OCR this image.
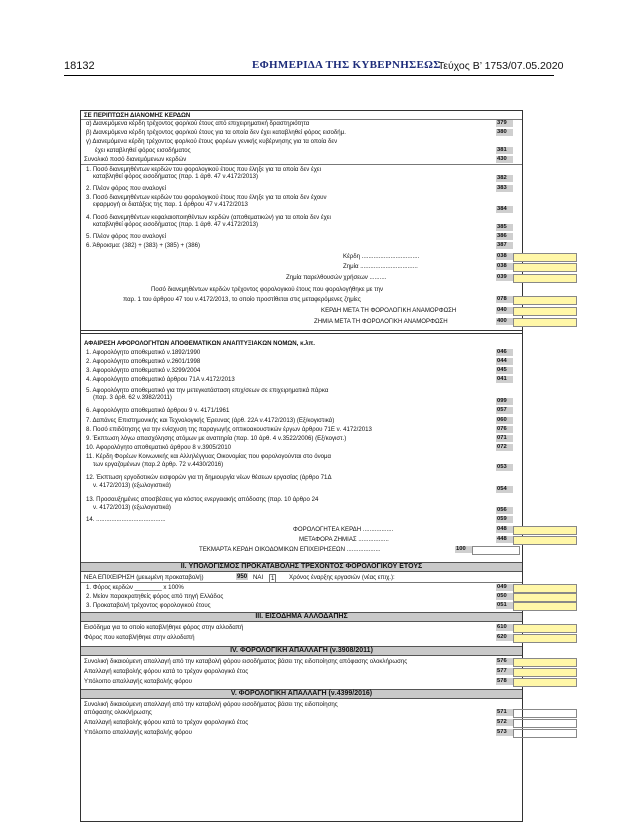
18132	ΕΦΗΜΕΡΙΔΑ ΤΗΣ ΚΥΒΕΡΝΗΣΕΩΣ
Τεύχος B’ 1753/07.05.2020
ΣΕ ΠΕΡΙΠΤΩΣΗ ΔΙΑΝΟΜΗΣ ΚΕΡΔΩΝ
α) Διανεμόμενα κέρδη τρέχοντος φορ/κού έτους από επιχειρηματική δραστηριότητα	379
β) Διανεμόμενα κέρδη τρέχοντος φορ/κού έτους για τα οποία δεν έχει καταβληθεί φόρος εισοδήμ.	380
γ) Διανεμόμενα κέρδη τρέχοντος φορ/κού έτους φορέων γενικής κυβέρνησης για τα οποία δεν
έχει καταβληθεί φόρος εισοδήματος	381
Συνολικό ποσό διανεμόμενων κερδών	430
1. Ποσό διανεμηθέντων κερδών του φορολογικού έτους που έληξε για τα οποία δεν έχει
καταβληθεί φόρος εισοδήματος (παρ. 1 άρθ. 47 ν.4172/2013)	382
2. Πλέον φόρος που αναλογεί	383
3. Ποσό διανεμηθέντων κερδών του φορολογικού έτους που έληξε για τα οποία δεν έχουν
εφαρμογή οι διατάξεις της παρ. 1 άρθρου 47 ν.4172/2013
384
4. Ποσό διανεμηθέντων κεφαλαιοποιηθέντων κερδών (αποθεματικών) για τα οποία δεν έχει
καταβληθεί φόρος εισοδήματος (παρ. 1 άρθ. 47 ν.4172/2013)	385
5. Πλέον φόρος που αναλογεί	386
6. Άθροισμα: (382) + (383) + (385) + (386)	387
Κέρδη ..................................	038
Ζημία ..................................	038
Ζημία παρελθουσών χρήσεων ..........	039
Ποσό διανεμηθέντων κερδών τρέχοντος φορολογικού έτους που φορολογήθηκε με την
παρ. 1 του άρθρου 47 του ν.4172/2013, το οποίο προστίθεται στις μεταφερόμενες ζημίες	078
ΚΕΡΔΗ ΜΕΤΑ ΤΗ ΦΟΡΟΛΟΓΙΚΗ ΑΝΑΜΟΡΦΩΣΗ	040
ΖΗΜΙΑ ΜΕΤΑ ΤΗ ΦΟΡΟΛΟΓΙΚΗ ΑΝΑΜΟΡΦΩΣΗ	400
ΑΦΑΙΡΕΣΗ ΑΦΟΡΟΛΟΓΗΤΩΝ ΑΠΟΘΕΜΑΤΙΚΩΝ ΑΝΑΠΤΥΞΙΑΚΩΝ ΝΟΜΩΝ, κ.λπ.
1. Αφορολόγητο αποθεματικό ν.1892/1990	046
2. Αφορολόγητο αποθεματικό ν.2601/1998	044
3. Αφορολόγητο αποθεματικό ν.3299/2004	045
4. Αφορολόγητο αποθεματικό άρθρου 71Α ν.4172/2013	041
5. Αφορολόγητο αποθεματικό για την μετεγκατάσταση επιχ/σεων σε επιχειρηματικά πάρκα
(παρ. 3 άρθ. 62 ν.3982/2011)	099
6. Αφορολόγητο αποθεματικό άρθρου 9 ν. 4171/1961	057
7. Δαπάνες Επιστημονικής και Τεχνολογικής Έρευνας (άρθ. 22Α ν.4172/2013) (Εξ/κογιστικά)	060
8. Ποσό επιδότησης για την ενίσχυση της παραγωγής οπτικοακουστικών έργων άρθρου 71Ε ν. 4172/2013	076
9. Έκπτωση λόγω απασχόλησης ατόμων με αναπηρία (παρ. 10 άρθ. 4 ν.3522/2006) (Εξ/κογιστ.)	071
10. Αφορολόγητο αποθεματικό άρθρου 8 ν.3905/2010	072
11. Κέρδη Φορέων Κοινωνικής και Αλληλέγγυας Οικονομίας που φορολογούνται στο όνομα
των εργαζομένων (παρ.2 άρθρ. 72 ν.4430/2016)	053
12. Έκπτωση εργοδοτικών εισφορών για τη δημιουργία νέων θέσεων εργασίας (άρθρο 71Δ
ν. 4172/2013) (εξωλογιστικά)	054
13. Προσαυξημένες αποσβέσεις για κόστος ενεργειακής απόδοσης (παρ. 10 άρθρο 24
ν. 4172/2013) (εξωλογιστικά)	056
14. .........................................	059
ΦΟΡΟΛΟΓΗΤΕΑ ΚΕΡΔΗ ..................	048
ΜΕΤΑΦΟΡΑ ΖΗΜΙΑΣ ..................	448
ΤΕΚΜΑΡΤΑ ΚΕΡΔΗ ΟΙΚΟΔΟΜΙΚΩΝ ΕΠΙΧΕΙΡΗΣΕΩΝ ....................	100
II. ΥΠΟΛΟΓΙΣΜΟΣ ΠΡΟΚΑΤΑΒΟΛΗΣ ΤΡΕΧΟΝΤΟΣ ΦΟΡΟΛΟΓΙΚΟΥ ΕΤΟΥΣ
ΝΕΑ ΕΠΙΧΕΙΡΗΣΗ (μειωμένη προκαταβολή)	950 ΝΑΙ	1	Χρόνος έναρξης εργασιών (νέας επιχ.):
1. Φόρος κερδών ________ x 100%	049
2. Μείον παρακρατηθείς φόρος από πηγή Ελλάδος	050
3. Προκαταβολή τρέχοντος φορολογικού έτους	051
III. ΕΙΣΟΔΗΜΑ ΑΛΛΟΔΑΠΗΣ
Εισόδημα για το οποίο καταβλήθηκε φόρος στην αλλοδαπή	610
Φόρος που καταβλήθηκε στην αλλοδαπή	620
IV. ΦΟΡΟΛΟΓΙΚΗ ΑΠΑΛΛΑΓΗ (ν.3908/2011)
Συνολική δικαιούμενη απαλλαγή από την καταβολή φόρου εισοδήματος βάσει της ειδοποίησης απόφασης ολοκλήρωσης	576
Απαλλαγή καταβολής φόρου κατά το τρέχον φορολογικό έτος	577
Υπόλοιπο απαλλαγής καταβολής φόρου	578
V. ΦΟΡΟΛΟΓΙΚΗ ΑΠΑΛΛΑΓΗ (ν.4399/2016)
Συνολική δικαιούμενη απαλλαγή από την καταβολή φόρου εισοδήματος βάσει της ειδοποίησης
απόφασης ολοκλήρωσης	571
Απαλλαγή καταβολής φόρου κατά το τρέχον φορολογικό έτος	572
Υπόλοιπο απαλλαγής καταβολής φόρου	573
